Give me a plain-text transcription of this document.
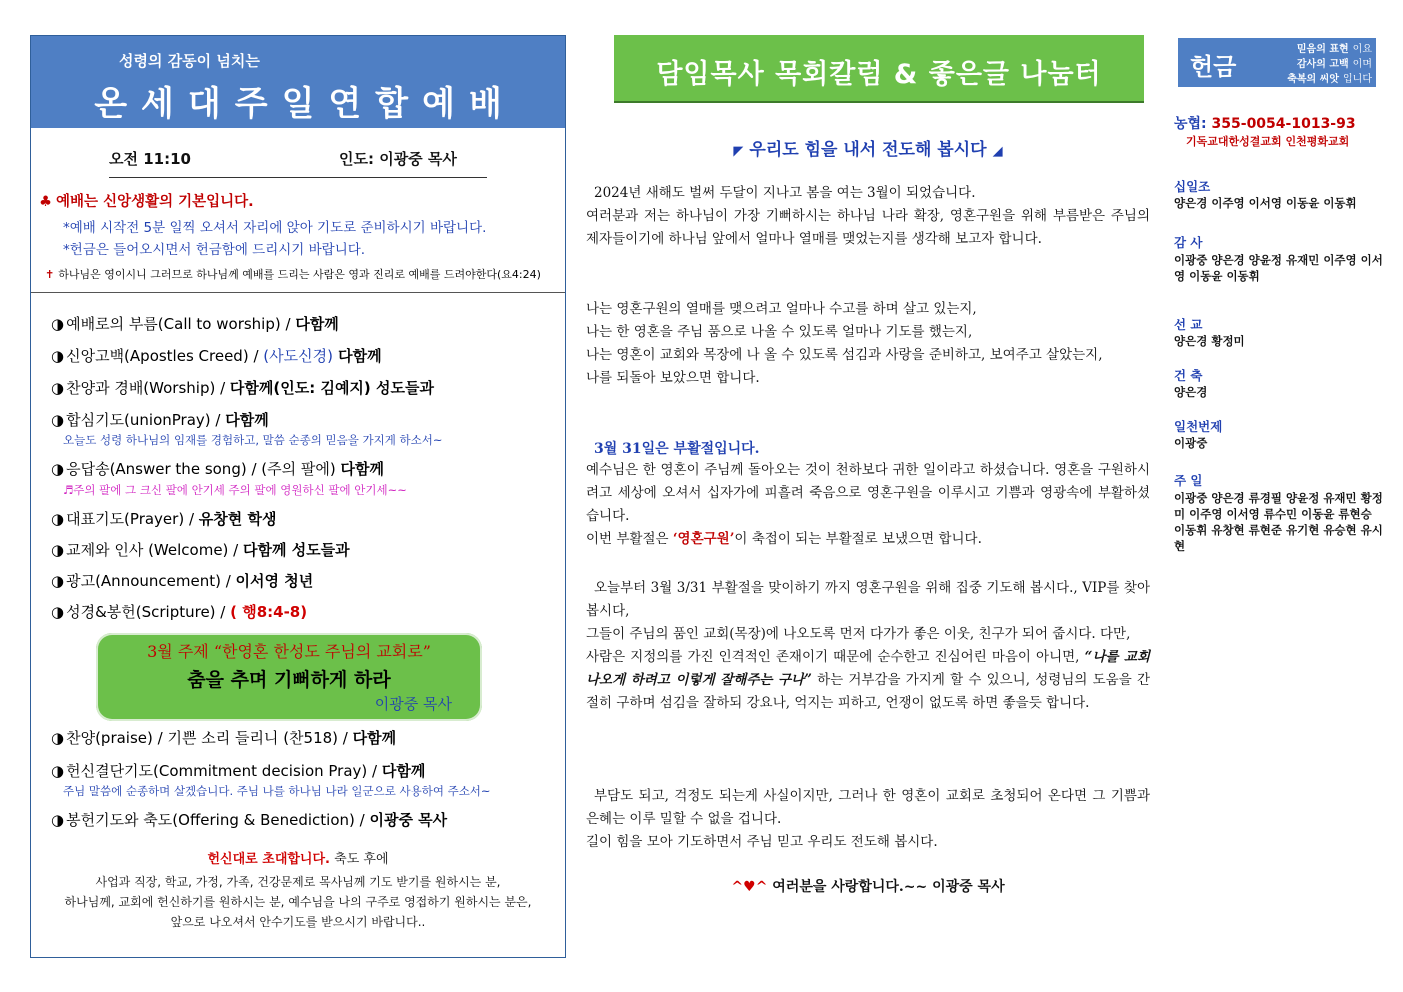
성령의 감동이 넘치는
온세대주일연합예배
오전 11:10	인도: 이광중 목사
♣ 예배는 신앙생활의 기본입니다.
*예배 시작전 5분 일찍 오셔서 자리에 앉아 기도로 준비하시기 바랍니다.
*헌금은 들어오시면서 헌금함에 드리시기 바랍니다.
✝ 하나님은 영이시니 그러므로 하나님께 예배를 드리는 사람은 영과 진리로 예배를 드려야한다(요4:24)
◑ 예배로의 부름(Call to worship) / 다함께
◑ 신앙고백(Apostles Creed) / (사도신경) 다함께
◑ 찬양과 경배(Worship) / 다함께(인도: 김예지) 성도들과
◑ 합심기도(unionPray) / 다함께
오늘도 성령 하나님의 임재를 경험하고, 말씀 순종의 믿음을 가지게 하소서~
◑ 응답송(Answer the song) / (주의 팔에) 다함께
♬주의 팔에 그 크신 팔에 안기세 주의 팔에 영원하신 팔에 안기세~~
◑ 대표기도(Prayer) / 유창현 학생
◑ 교제와 인사 (Welcome) / 다함께 성도들과
◑ 광고(Announcement) / 이서영 청년
◑ 성경&봉헌(Scripture) / ( 행8:4-8)
3월 주제 “한영혼 한성도 주님의 교회로”
춤을 추며 기뻐하게 하라
이광중 목사
◑ 찬양(praise) / 기쁜 소리 들리니 (찬518) / 다함께
◑ 헌신결단기도(Commitment decision Pray) / 다함께
주님 말씀에 순종하며 살겠습니다. 주님 나를 하나님 나라 일군으로 사용하여 주소서~
◑ 봉헌기도와 축도(Offering & Benediction) / 이광중 목사
헌신대로 초대합니다. 축도 후에
사업과 직장, 학교, 가정, 가족, 건강문제로 목사님께 기도 받기를 원하시는 분,
하나님께, 교회에 헌신하기를 원하시는 분, 예수님을 나의 구주로 영접하기 원하시는 분은,
앞으로 나오셔서 안수기도를 받으시기 바랍니다..
담임목사 목회칼럼 & 좋은글 나눔터
◤ 우리도 힘을 내서 전도해 봅시다 ◢
2024년 새해도 벌써 두달이 지나고 봄을 여는 3월이 되었습니다.
여러분과 저는 하나님이 가장 기뻐하시는 하나님 나라 확장, 영혼구원을 위해 부름받은 주님의 제자들이기에 하나님 앞에서 얼마나 열매를 맺었는지를 생각해 보고자 합니다.
나는 영혼구원의 열매를 맺으려고 얼마나 수고를 하며 살고 있는지,
나는 한 영혼을 주님 품으로 나올 수 있도록 얼마나 기도를 했는지,
나는 영혼이 교회와 목장에 나 올 수 있도록 섬김과 사랑을 준비하고, 보여주고 살았는지,
나를 되돌아 보았으면 합니다.
3월 31일은 부활절입니다.
예수님은 한 영혼이 주님께 돌아오는 것이 천하보다 귀한 일이라고 하셨습니다. 영혼을 구원하시려고 세상에 오셔서 십자가에 피흘려 죽음으로 영혼구원을 이루시고 기쁨과 영광속에 부활하셨습니다.
이번 부활절은 ‘영혼구원’이 축접이 되는 부활절로 보냈으면 합니다.
오늘부터 3월 3/31 부활절을 맞이하기 까지 영혼구원을 위해 집중 기도해 봅시다., VIP를 찾아봅시다,
그들이 주님의 품인 교회(목장)에 나오도록 먼저 다가가 좋은 이웃, 친구가 되어 줍시다. 다만,
사람은 지정의를 가진 인격적인 존재이기 때문에 순수한고 진심어린 마음이 아니면, “나를 교회 나오게 하려고 이렇게 잘해주는 구나” 하는 거부감을 가지게 할 수 있으니, 성령님의 도움을 간절히 구하며 섬김을 잘하되 강요나, 억지는 피하고, 언쟁이 없도록 하면 좋을듯 합니다.
부담도 되고, 걱정도 되는게 사실이지만, 그러나 한 영혼이 교회로 초청되어 온다면 그 기쁨과 은혜는 이루 밀할 수 없을 겁니다.
길이 힘을 모아 기도하면서 주님 믿고 우리도 전도해 봅시다.
^♥^ 여러분을 사랑합니다.~~ 이광중 목사
헌금
믿음의 표현 이요
감사의 고백 이며
축복의 씨앗 입니다
농협: 355-0054-1013-93
기독교대한성결교회 인천평화교회
십일조
양은경 이주영 이서영 이동윤 이동휘
감 사
이광중 양은경 양윤정 유재민 이주영 이서영 이동윤 이동휘
선 교
양은경 황정미
건 축
양은경
일천번제
이광중
주 일
이광중 양은경 류경필 양윤정 유재민 황정미 이주영 이서영 류수민 이동윤 류현승 이동휘 유창현 류현준 유기현 유승현 유시현
